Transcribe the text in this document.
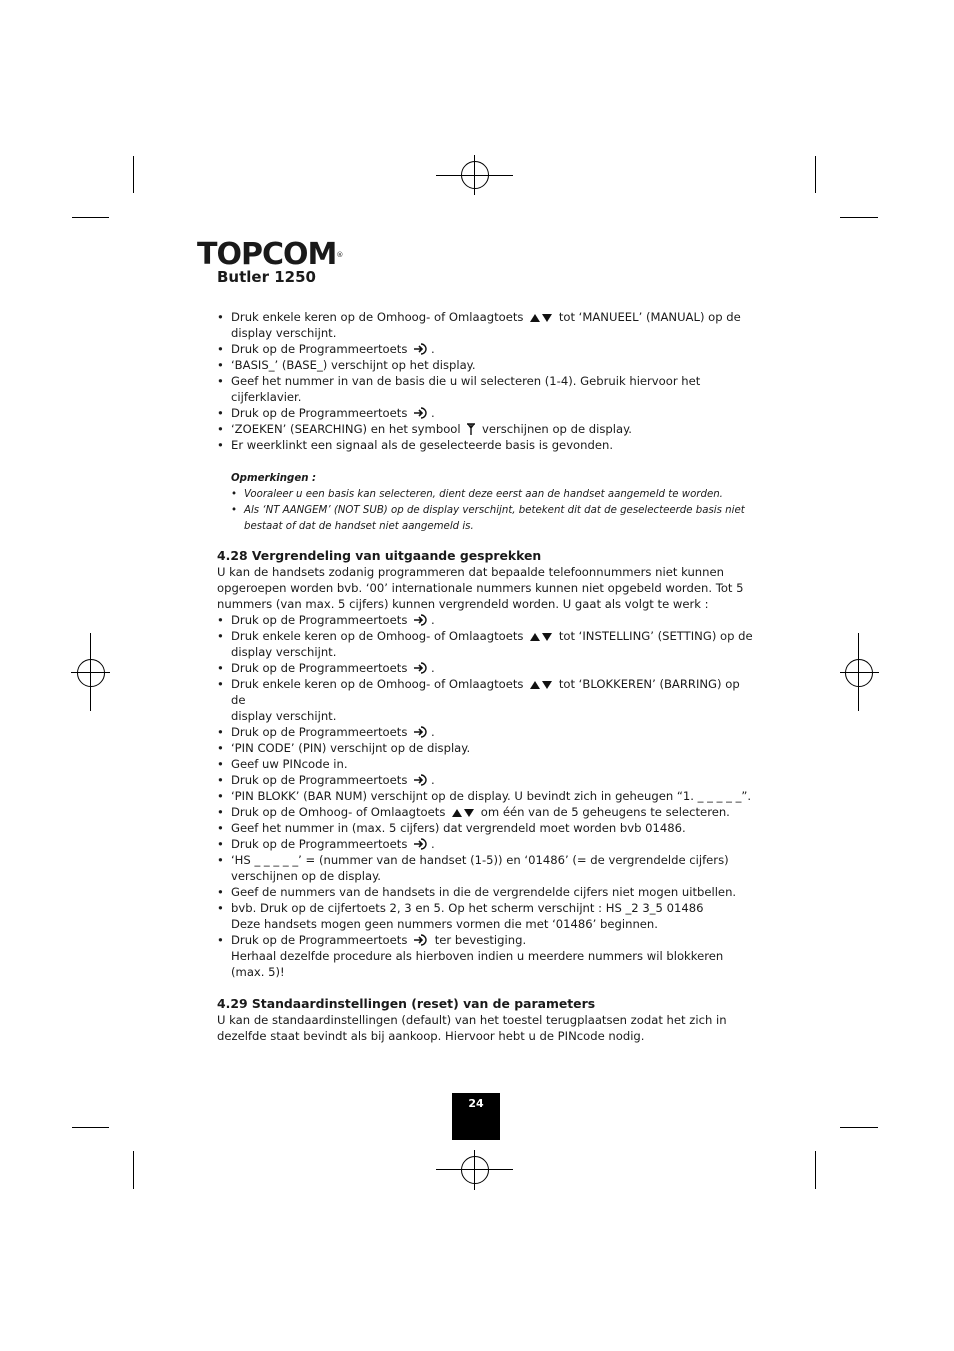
TOPCOM®
Butler 1250
• Druk enkele keren op de Omhoog- of Omlaagtoets	tot ‘MANUEEL’ (MANUAL) op de
display verschijnt.
• Druk op de Programmeertoets .
• ‘BASIS_’ (BASE_) verschijnt op het display.
• Geef het nummer in van de basis die u wil selecteren (1-4). Gebruik hiervoor het cijferklavier.
• Druk op de Programmeertoets .
• ‘ZOEKEN’ (SEARCHING) en het symbool verschijnen op de display.
• Er weerklinkt een signaal als de geselecteerde basis is gevonden.
Opmerkingen :
• Vooraleer u een basis kan selecteren, dient deze eerst aan de handset aangemeld te worden.
• Als ‘NT AANGEM’ (NOT SUB) op de display verschijnt, betekent dit dat de geselecteerde basis niet bestaat of dat de handset niet aangemeld is.
4.28 Vergrendeling van uitgaande gesprekken
U kan de handsets zodanig programmeren dat bepaalde telefoonnummers niet kunnen opgeroepen worden bvb. ‘00’ internationale nummers kunnen niet opgebeld worden. Tot 5 nummers (van max. 5 cijfers) kunnen vergrendeld worden. U gaat als volgt te werk :
• Druk op de Programmeertoets .
• Druk enkele keren op de Omhoog- of Omlaagtoets	tot ‘INSTELLING’ (SETTING) op de
display verschijnt.
• Druk op de Programmeertoets .
• Druk enkele keren op de Omhoog- of Omlaagtoets	tot ‘BLOKKEREN’ (BARRING) op de
display verschijnt.
• Druk op de Programmeertoets .
• ‘PIN CODE’ (PIN) verschijnt op de display.
• Geef uw PINcode in.
• Druk op de Programmeertoets .
• ‘PIN BLOKK’ (BAR NUM) verschijnt op de display. U bevindt zich in geheugen “1. _ _ _ _ _”.
• Druk op de Omhoog- of Omlaagtoets	om één van de 5 geheugens te selecteren.
• Geef het nummer in (max. 5 cijfers) dat vergrendeld moet worden bvb 01486.
• Druk op de Programmeertoets .
• ‘HS _ _ _ _ _’ = (nummer van de handset (1-5)) en ‘01486’ (= de vergrendelde cijfers)
verschijnen op de display.
• Geef de nummers van de handsets in die de vergrendelde cijfers niet mogen uitbellen.
• bvb. Druk op de cijfertoets 2, 3 en 5. Op het scherm verschijnt : HS _2 3_5 01486
Deze handsets mogen geen nummers vormen die met ‘01486’ beginnen.
• Druk op de Programmeertoets ter bevestiging.
Herhaal dezelfde procedure als hierboven indien u meerdere nummers wil blokkeren (max. 5)!
4.29 Standaardinstellingen (reset) van de parameters
U kan de standaardinstellingen (default) van het toestel terugplaatsen zodat het zich in dezelfde staat bevindt als bij aankoop. Hiervoor hebt u de PINcode nodig.
24
